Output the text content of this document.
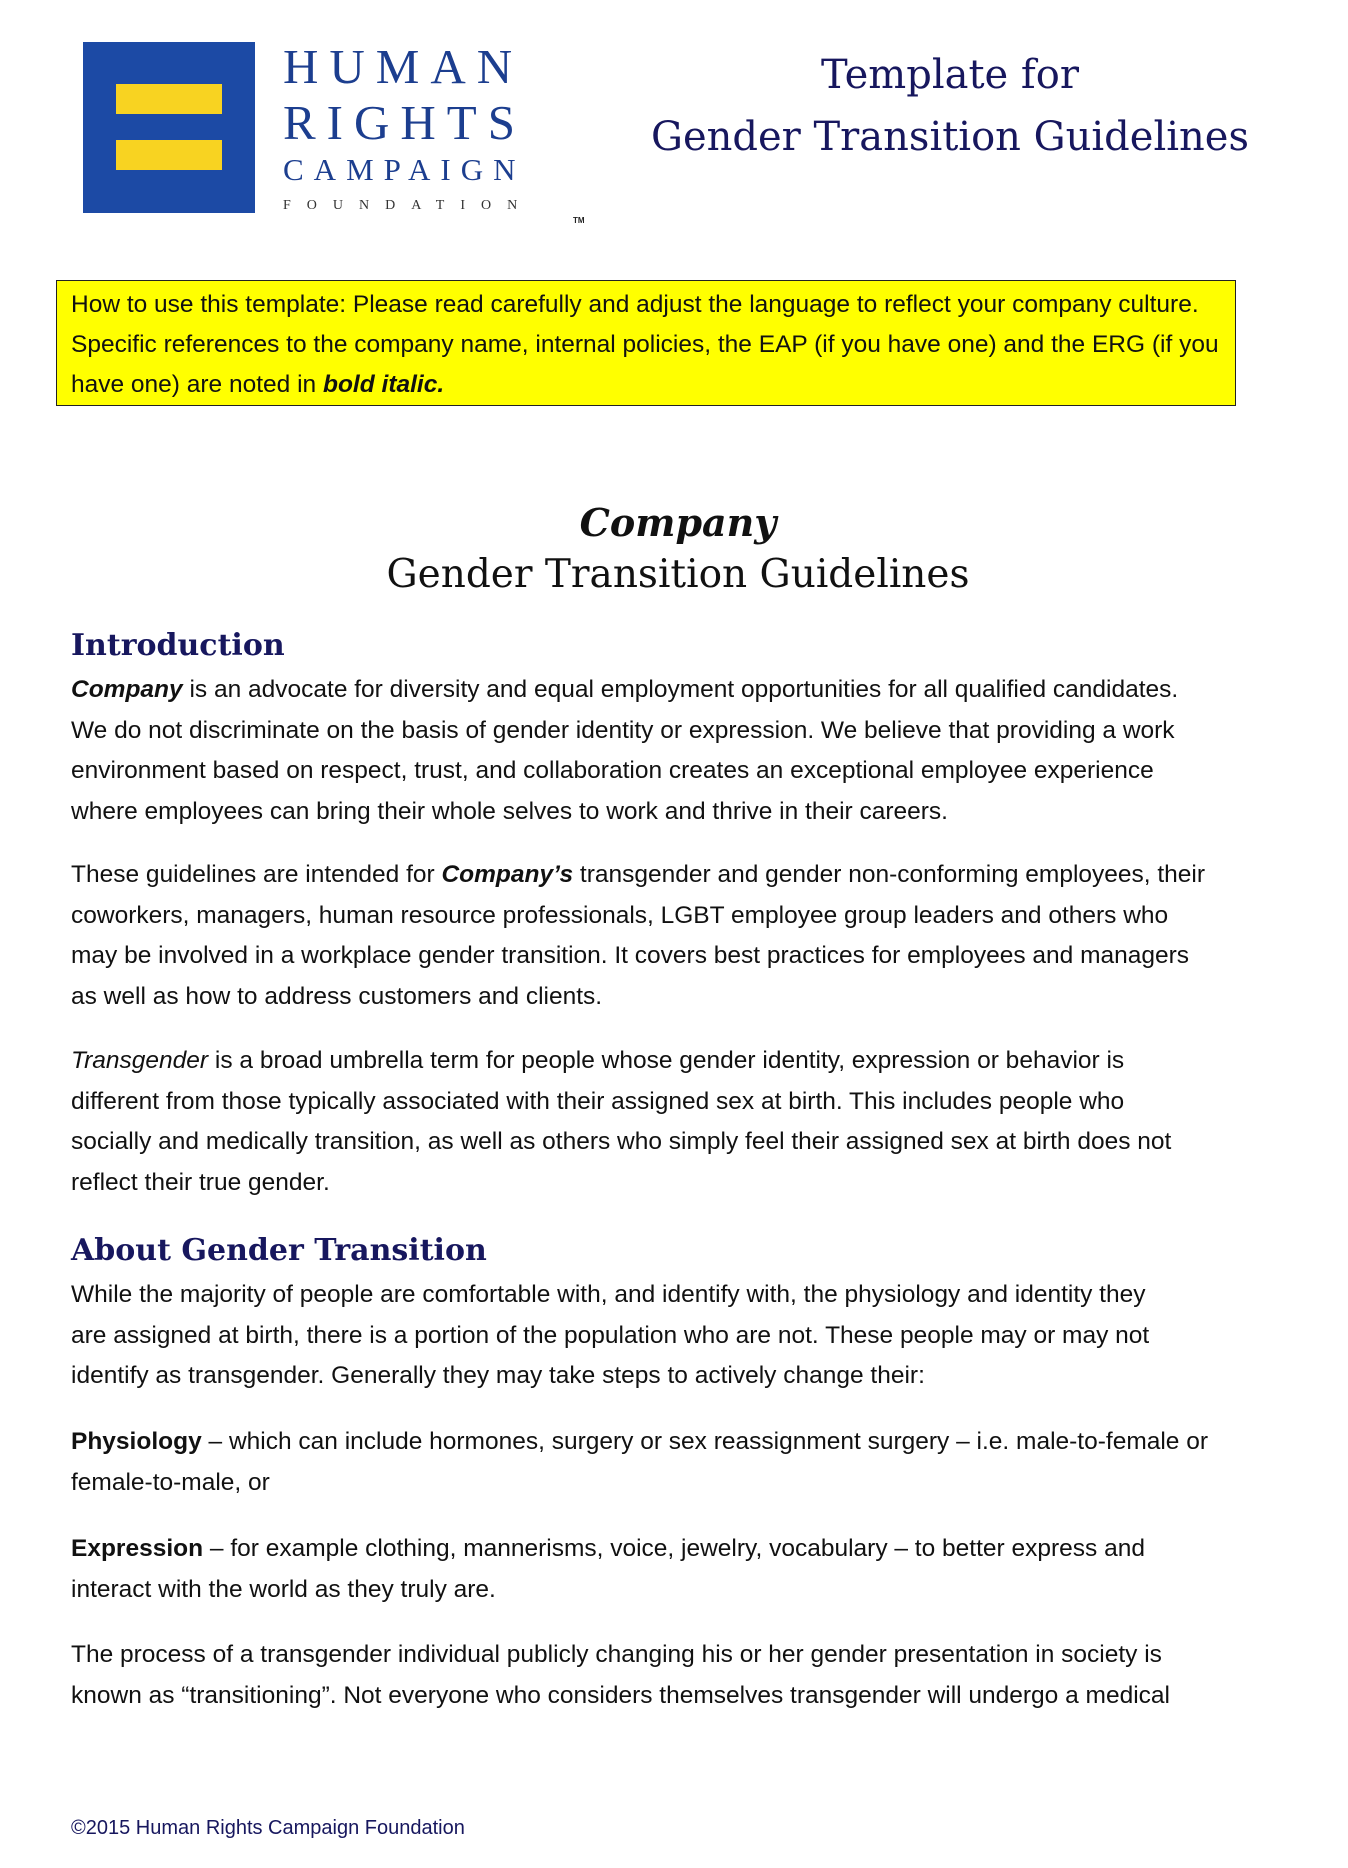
HUMAN
RIGHTS
CAMPAIGN
FOUNDATION
TM
Template for
Gender Transition Guidelines
How to use this template: Please read carefully and adjust the language to reflect your company culture.
Specific references to the company name, internal policies, the EAP (if you have one) and the ERG (if you
have one) are noted in bold italic.
Company
Gender Transition Guidelines
Introduction
Company is an advocate for diversity and equal employment opportunities for all qualified candidates.
We do not discriminate on the basis of gender identity or expression. We believe that providing a work
environment based on respect, trust, and collaboration creates an exceptional employee experience
where employees can bring their whole selves to work and thrive in their careers.
These guidelines are intended for Company’s transgender and gender non-conforming employees, their
coworkers, managers, human resource professionals, LGBT employee group leaders and others who
may be involved in a workplace gender transition. It covers best practices for employees and managers
as well as how to address customers and clients.
Transgender is a broad umbrella term for people whose gender identity, expression or behavior is
different from those typically associated with their assigned sex at birth. This includes people who
socially and medically transition, as well as others who simply feel their assigned sex at birth does not
reflect their true gender.
About Gender Transition
While the majority of people are comfortable with, and identify with, the physiology and identity they
are assigned at birth, there is a portion of the population who are not. These people may or may not
identify as transgender. Generally they may take steps to actively change their:
Physiology – which can include hormones, surgery or sex reassignment surgery – i.e. male-to-female or
female-to-male, or
Expression – for example clothing, mannerisms, voice, jewelry, vocabulary – to better express and
interact with the world as they truly are.
The process of a transgender individual publicly changing his or her gender presentation in society is
known as “transitioning”. Not everyone who considers themselves transgender will undergo a medical
©2015 Human Rights Campaign Foundation
